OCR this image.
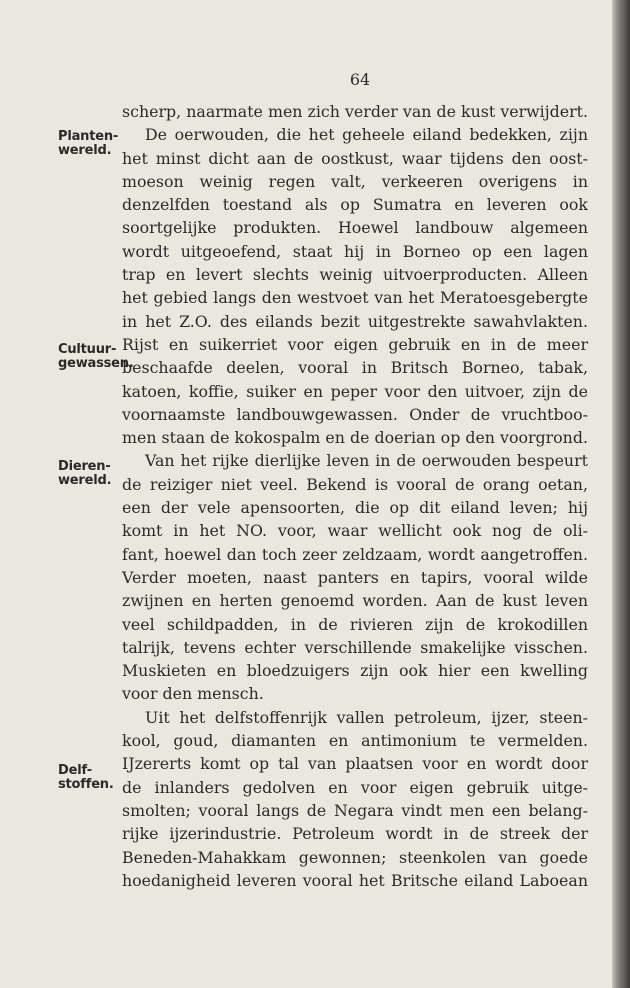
64
Planten-
wereld.
Cultuur-
gewassen.
Dieren-
wereld.
Delf-
stoffen.
scherp, naarmate men zich verder van de kust verwijdert.
De oerwouden, die het geheele eiland bedekken, zijn
het minst dicht aan de oostkust, waar tijdens den oost-
moeson weinig regen valt, verkeeren overigens in
denzelfden toestand als op Sumatra en leveren ook
soortgelijke produkten. Hoewel landbouw algemeen
wordt uitgeoefend, staat hij in Borneo op een lagen
trap en levert slechts weinig uitvoerproducten. Alleen
het gebied langs den westvoet van het Meratoesgebergte
in het Z.O. des eilands bezit uitgestrekte sawahvlakten.
Rijst en suikerriet voor eigen gebruik en in de meer
beschaafde deelen, vooral in Britsch Borneo, tabak,
katoen, koffie, suiker en peper voor den uitvoer, zijn de
voornaamste landbouwgewassen. Onder de vruchtboo-
men staan de kokospalm en de doerian op den voorgrond.
Van het rijke dierlijke leven in de oerwouden bespeurt
de reiziger niet veel. Bekend is vooral de orang oetan,
een der vele apensoorten, die op dit eiland leven; hij
komt in het NO. voor, waar wellicht ook nog de oli-
fant, hoewel dan toch zeer zeldzaam, wordt aangetroffen.
Verder moeten, naast panters en tapirs, vooral wilde
zwijnen en herten genoemd worden. Aan de kust leven
veel schildpadden, in de rivieren zijn de krokodillen
talrijk, tevens echter verschillende smakelijke visschen.
Muskieten en bloedzuigers zijn ook hier een kwelling
voor den mensch.
Uit het delfstoffenrijk vallen petroleum, ijzer, steen-
kool, goud, diamanten en antimonium te vermelden.
IJzererts komt op tal van plaatsen voor en wordt door
de inlanders gedolven en voor eigen gebruik uitge-
smolten; vooral langs de Negara vindt men een belang-
rijke ijzerindustrie. Petroleum wordt in de streek der
Beneden-Mahakkam gewonnen; steenkolen van goede
hoedanigheid leveren vooral het Britsche eiland Laboean
